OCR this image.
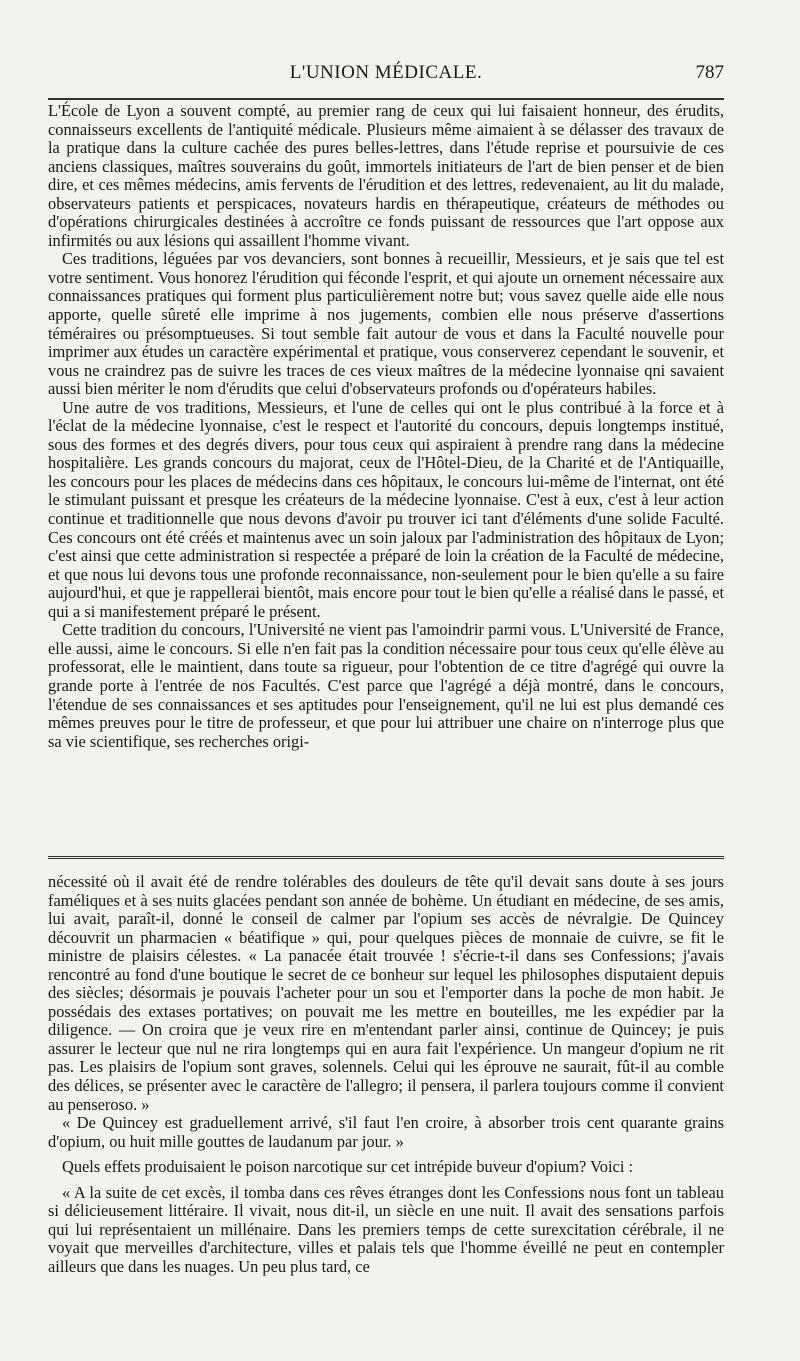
L'UNION MÉDICALE.	787

L'École de Lyon a souvent compté, au premier rang de ceux qui lui faisaient honneur, des érudits, connaisseurs excellents de l'antiquité médicale. Plusieurs même aimaient à se délasser des travaux de la pratique dans la culture cachée des pures belles-lettres, dans l'étude reprise et poursuivie de ces anciens classiques, maîtres souverains du goût, immortels initiateurs de l'art de bien penser et de bien dire, et ces mêmes médecins, amis fervents de l'érudition et des lettres, redevenaient, au lit du malade, observateurs patients et perspicaces, novateurs hardis en thérapeutique, créateurs de méthodes ou d'opérations chirurgicales destinées à accroître ce fonds puissant de ressources que l'art oppose aux infirmités ou aux lésions qui assaillent l'homme vivant.

Ces traditions, léguées par vos devanciers, sont bonnes à recueillir, Messieurs, et je sais que tel est votre sentiment. Vous honorez l'érudition qui féconde l'esprit, et qui ajoute un ornement nécessaire aux connaissances pratiques qui forment plus particulièrement notre but; vous savez quelle aide elle nous apporte, quelle sûreté elle imprime à nos jugements, combien elle nous préserve d'assertions téméraires ou présomptueuses. Si tout semble fait autour de vous et dans la Faculté nouvelle pour imprimer aux études un caractère expérimental et pratique, vous conserverez cependant le souvenir, et vous ne craindrez pas de suivre les traces de ces vieux maîtres de la médecine lyonnaise qni savaient aussi bien mériter le nom d'érudits que celui d'observateurs profonds ou d'opérateurs habiles.

Une autre de vos traditions, Messieurs, et l'une de celles qui ont le plus contribué à la force et à l'éclat de la médecine lyonnaise, c'est le respect et l'autorité du concours, depuis longtemps institué, sous des formes et des degrés divers, pour tous ceux qui aspiraient à prendre rang dans la médecine hospitalière. Les grands concours du majorat, ceux de l'Hôtel-Dieu, de la Charité et de l'Antiquaille, les concours pour les places de médecins dans ces hôpitaux, le concours lui-même de l'internat, ont été le stimulant puissant et presque les créateurs de la médecine lyonnaise. C'est à eux, c'est à leur action continue et traditionnelle que nous devons d'avoir pu trouver ici tant d'éléments d'une solide Faculté. Ces concours ont été créés et maintenus avec un soin jaloux par l'administration des hôpitaux de Lyon; c'est ainsi que cette administration si respectée a préparé de loin la création de la Faculté de médecine, et que nous lui devons tous une profonde reconnaissance, non-seulement pour le bien qu'elle a su faire aujourd'hui, et que je rappellerai bientôt, mais encore pour tout le bien qu'elle a réalisé dans le passé, et qui a si manifestement préparé le présent.

Cette tradition du concours, l'Université ne vient pas l'amoindrir parmi vous. L'Université de France, elle aussi, aime le concours. Si elle n'en fait pas la condition nécessaire pour tous ceux qu'elle élève au professorat, elle le maintient, dans toute sa rigueur, pour l'obtention de ce titre d'agrégé qui ouvre la grande porte à l'entrée de nos Facultés. C'est parce que l'agrégé a déjà montré, dans le concours, l'étendue de ses connaissances et ses aptitudes pour l'enseignement, qu'il ne lui est plus demandé ces mêmes preuves pour le titre de professeur, et que pour lui attribuer une chaire on n'interroge plus que sa vie scientifique, ses recherches origi-

nécessité où il avait été de rendre tolérables des douleurs de tête qu'il devait sans doute à ses jours faméliques et à ses nuits glacées pendant son année de bohème. Un étudiant en médecine, de ses amis, lui avait, paraît-il, donné le conseil de calmer par l'opium ses accès de névralgie. De Quincey découvrit un pharmacien « béatifique » qui, pour quelques pièces de monnaie de cuivre, se fit le ministre de plaisirs célestes. « La panacée était trouvée ! s'écrie-t-il dans ses Confessions; j'avais rencontré au fond d'une boutique le secret de ce bonheur sur lequel les philosophes disputaient depuis des siècles; désormais je pouvais l'acheter pour un sou et l'emporter dans la poche de mon habit. Je possédais des extases portatives; on pouvait me les mettre en bouteilles, me les expédier par la diligence. — On croira que je veux rire en m'entendant parler ainsi, continue de Quincey; je puis assurer le lecteur que nul ne rira longtemps qui en aura fait l'expérience. Un mangeur d'opium ne rit pas. Les plaisirs de l'opium sont graves, solennels. Celui qui les éprouve ne saurait, fût-il au comble des délices, se présenter avec le caractère de l'allegro; il pensera, il parlera toujours comme il convient au penseroso. »

« De Quincey est graduellement arrivé, s'il faut l'en croire, à absorber trois cent quarante grains d'opium, ou huit mille gouttes de laudanum par jour. »

Quels effets produisaient le poison narcotique sur cet intrépide buveur d'opium? Voici :

« A la suite de cet excès, il tomba dans ces rêves étranges dont les Confessions nous font un tableau si délicieusement littéraire. Il vivait, nous dit-il, un siècle en une nuit. Il avait des sensations parfois qui lui représentaient un millénaire. Dans les premiers temps de cette surexcitation cérébrale, il ne voyait que merveilles d'architecture, villes et palais tels que l'homme éveillé ne peut en contempler ailleurs que dans les nuages. Un peu plus tard, ce
